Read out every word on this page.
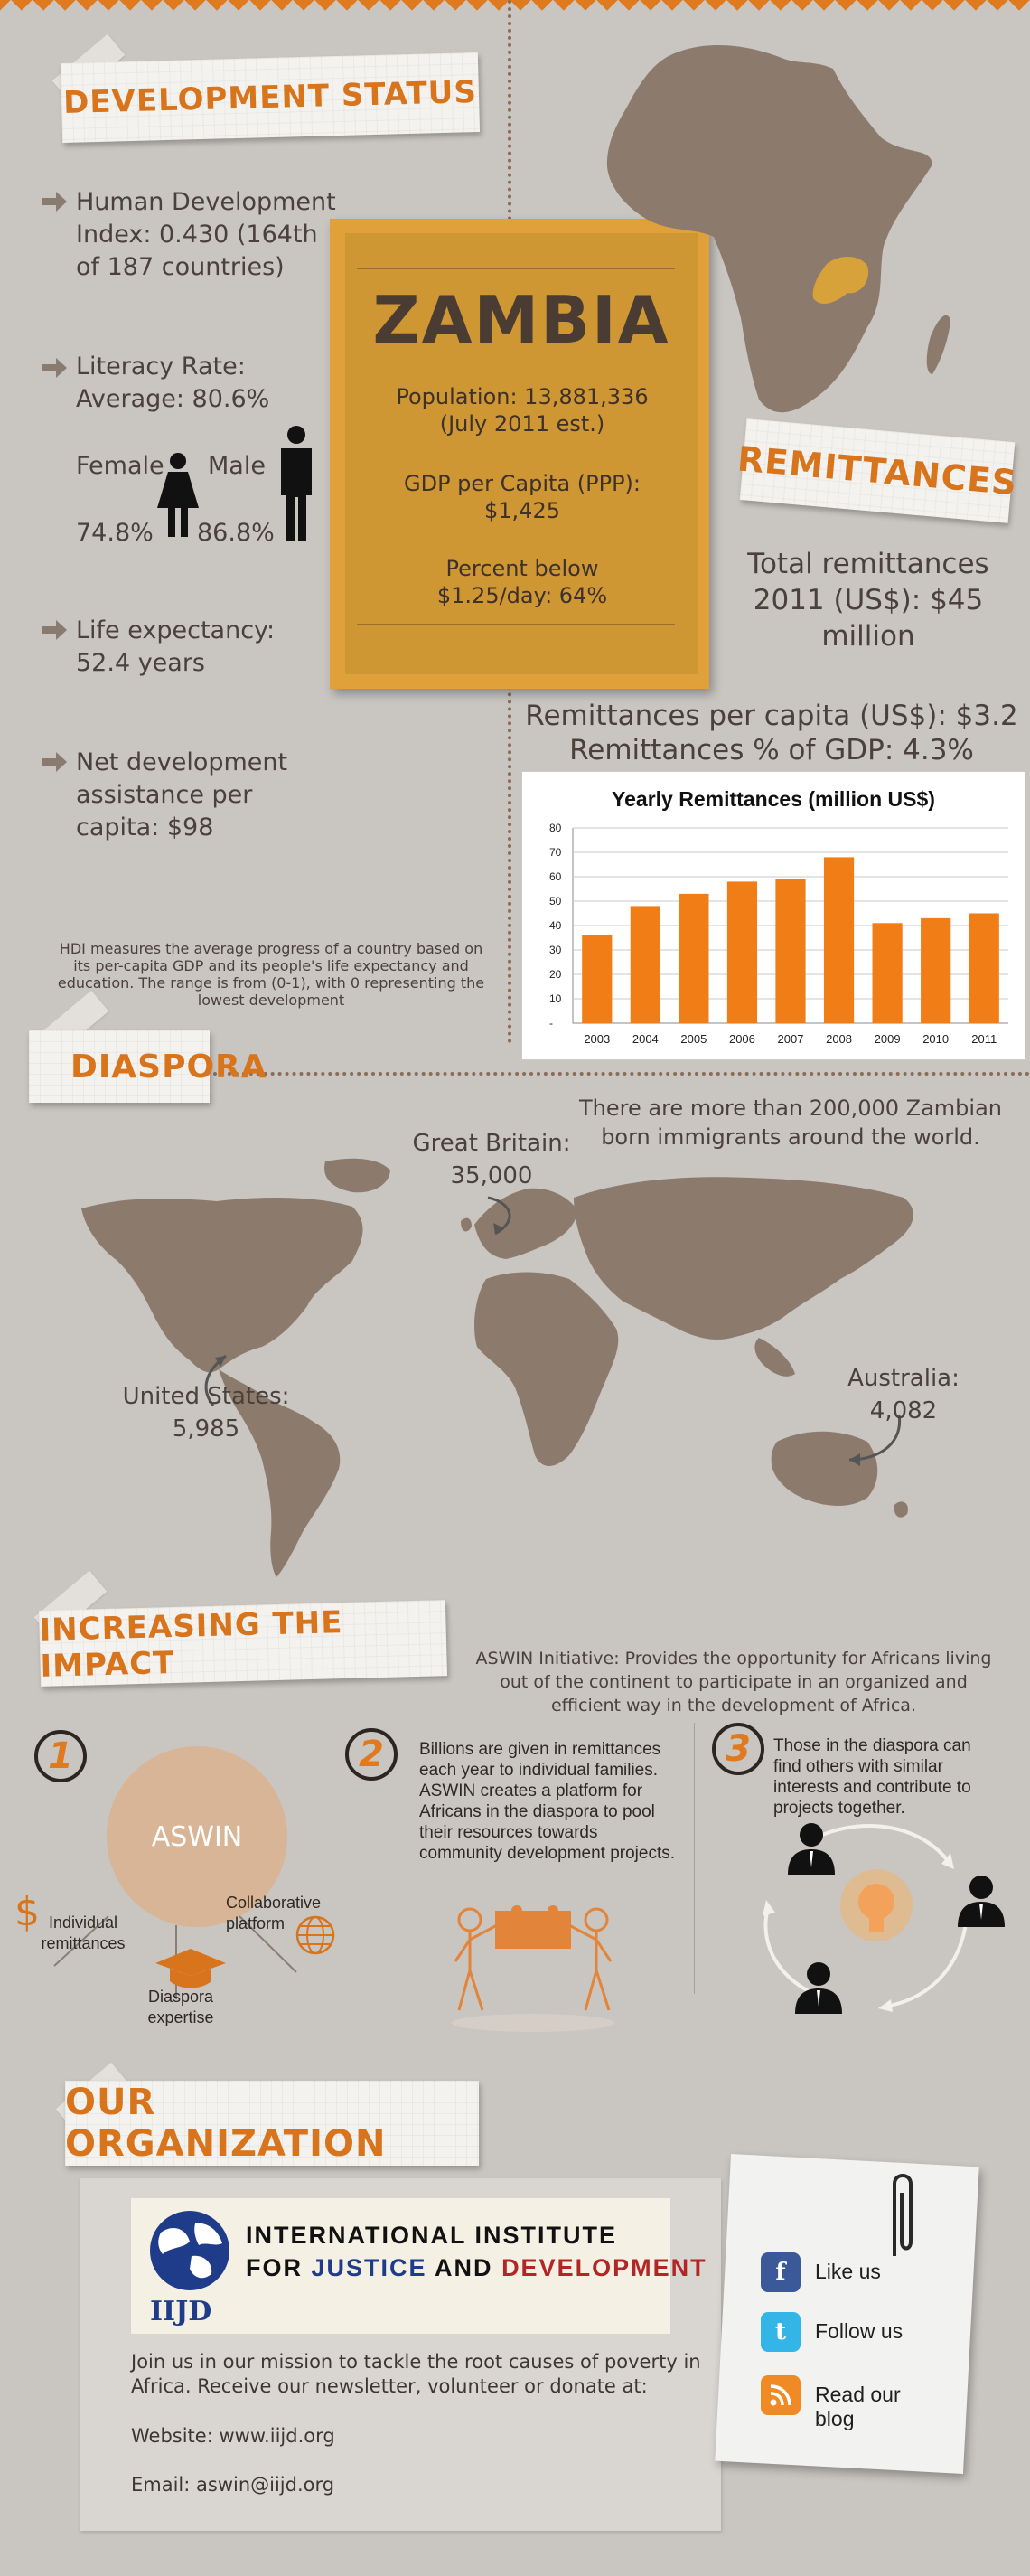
DEVELOPMENT STATUS
Human Development Index: 0.430 (164th of 187 countries)
Literacy Rate: Average: 80.6%
Female Male
74.8% 86.8%
Life expectancy: 52.4 years
Net development assistance per capita: $98
HDI measures the average progress of a country based on its per-capita GDP and its people's life expectancy and education. The range is from (0-1), with 0 representing the lowest development
ZAMBIA
Population: 13,881,336 (July 2011 est.)
GDP per Capita (PPP): $1,425
Percent below $1.25/day: 64%
REMITTANCES
Total remittances 2011 (US$): $45 million
Remittances per capita (US$): $3.2
Remittances % of GDP: 4.3%
Yearly Remittances (million US$)
80
70
60
50
40
30
20
10
-
2003 2004 2005 2006 2007 2008 2009 2010 2011
DIASPORA
There are more than 200,000 Zambian born immigrants around the world.
Great Britain:
35,000
United States:
5,985
Australia:
4,082
INCREASING THE IMPACT	ASWIN Initiative: Provides the opportunity for Africans living out of the continent to participate in an organized and efficient way in the development of Africa.
1	2	3
ASWIN
$ Individual remittances
Collaborative platform
Diaspora expertise
Billions are given in remittances each year to individual families. ASWIN creates a platform for Africans in the diaspora to pool their resources towards community development projects.
Those in the diaspora can find others with similar interests and contribute to projects together.
OUR ORGANIZATION
IIJD
INTERNATIONAL INSTITUTE
FOR JUSTICE AND DEVELOPMENT
Join us in our mission to tackle the root causes of poverty in Africa. Receive our newsletter, volunteer or donate at:
Website: www.iijd.org
Email: aswin@iijd.org
f	Like us
t	Follow us
Read our blog
